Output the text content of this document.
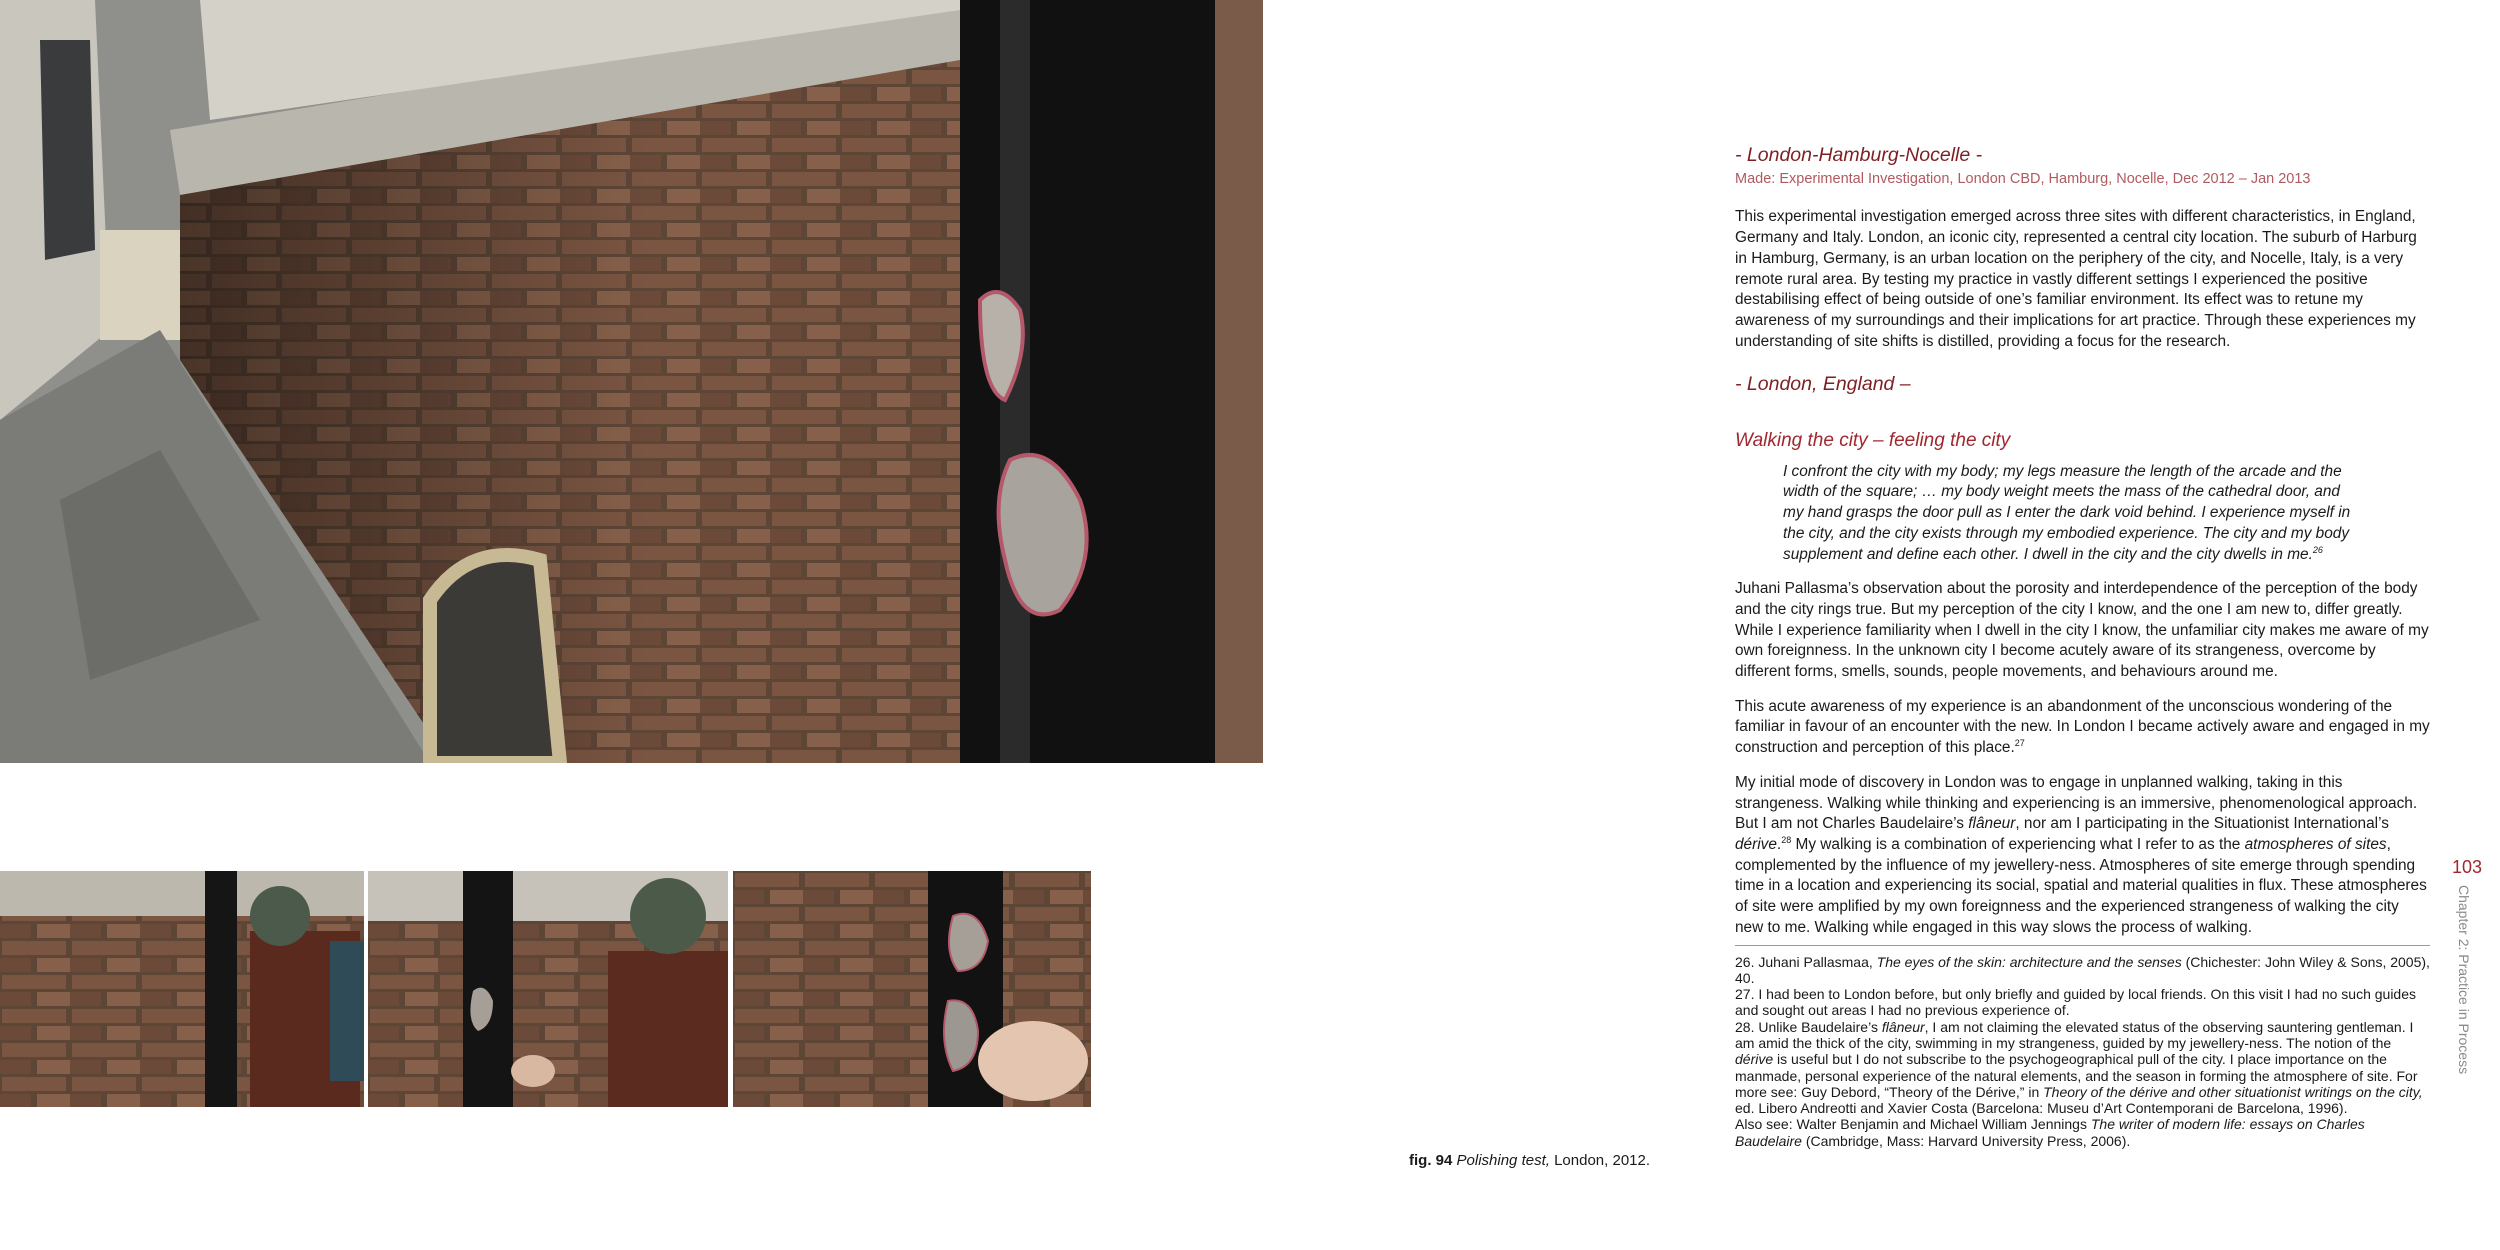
fig. 94 Polishing test, London, 2012.

- London-Hamburg-Nocelle -

Made: Experimental Investigation, London CBD, Hamburg, Nocelle, Dec 2012 – Jan 2013

This experimental investigation emerged across three sites with different characteristics, in England, Germany and Italy. London, an iconic city, represented a central city location. The suburb of Harburg in Hamburg, Germany, is an urban location on the periphery of the city, and Nocelle, Italy, is a very remote rural area. By testing my practice in vastly different settings I experienced the positive destabilising effect of being outside of one’s familiar environment. Its effect was to retune my awareness of my surroundings and their implications for art practice. Through these experiences my understanding of site shifts is distilled, providing a focus for the research.

- London, England –

Walking the city – feeling the city

I confront the city with my body; my legs measure the length of the arcade and the width of the square; … my body weight meets the mass of the cathedral door, and my hand grasps the door pull as I enter the dark void behind. I experience myself in the city, and the city exists through my embodied experience. The city and my body supplement and define each other. I dwell in the city and the city dwells in me.$^{26}$

Juhani Pallasma’s observation about the porosity and interdependence of the perception of the body and the city rings true. But my perception of the city I know, and the one I am new to, differ greatly. While I experience familiarity when I dwell in the city I know, the unfamiliar city makes me aware of my own foreignness. In the unknown city I become acutely aware of its strangeness, overcome by different forms, smells, sounds, people movements, and behaviours around me.

This acute awareness of my experience is an abandonment of the unconscious wondering of the familiar in favour of an encounter with the new. In London I became actively aware and engaged in my construction and perception of this place.$^{27}$

My initial mode of discovery in London was to engage in unplanned walking, taking in this strangeness. Walking while thinking and experiencing is an immersive, phenomenological approach. But I am not Charles Baudelaire’s flâneur, nor am I participating in the Situationist International’s dérive.$^{28}$ My walking is a combination of experiencing what I refer to as the atmospheres of sites, complemented by the influence of my jewellery-ness. Atmospheres of site emerge through spending time in a location and experiencing its social, spatial and material qualities in flux. These atmospheres of site were amplified by my own foreignness and the experienced strangeness of walking the city new to me. Walking while engaged in this way slows the process of walking.

26. Juhani Pallasmaa, The eyes of the skin: architecture and the senses (Chichester: John Wiley & Sons, 2005), 40.

27. I had been to London before, but only briefly and guided by local friends. On this visit I had no such guides and sought out areas I had no previous experience of.

28. Unlike Baudelaire’s flâneur, I am not claiming the elevated status of the observing sauntering gentleman. I am amid the thick of the city, swimming in my strangeness, guided by my jewellery-ness. The notion of the dérive is useful but I do not subscribe to the psychogeographical pull of the city. I place importance on the manmade, personal experience of the natural elements, and the season in forming the atmosphere of site. For more see: Guy Debord, “Theory of the Dérive,” in Theory of the dérive and other situationist writings on the city, ed. Libero Andreotti and Xavier Costa (Barcelona: Museu d’Art Contemporani de Barcelona, 1996).

Also see: Walter Benjamin and Michael William Jennings The writer of modern life: essays on Charles Baudelaire (Cambridge, Mass: Harvard University Press, 2006).

103
Chapter 2: Practice in Process
